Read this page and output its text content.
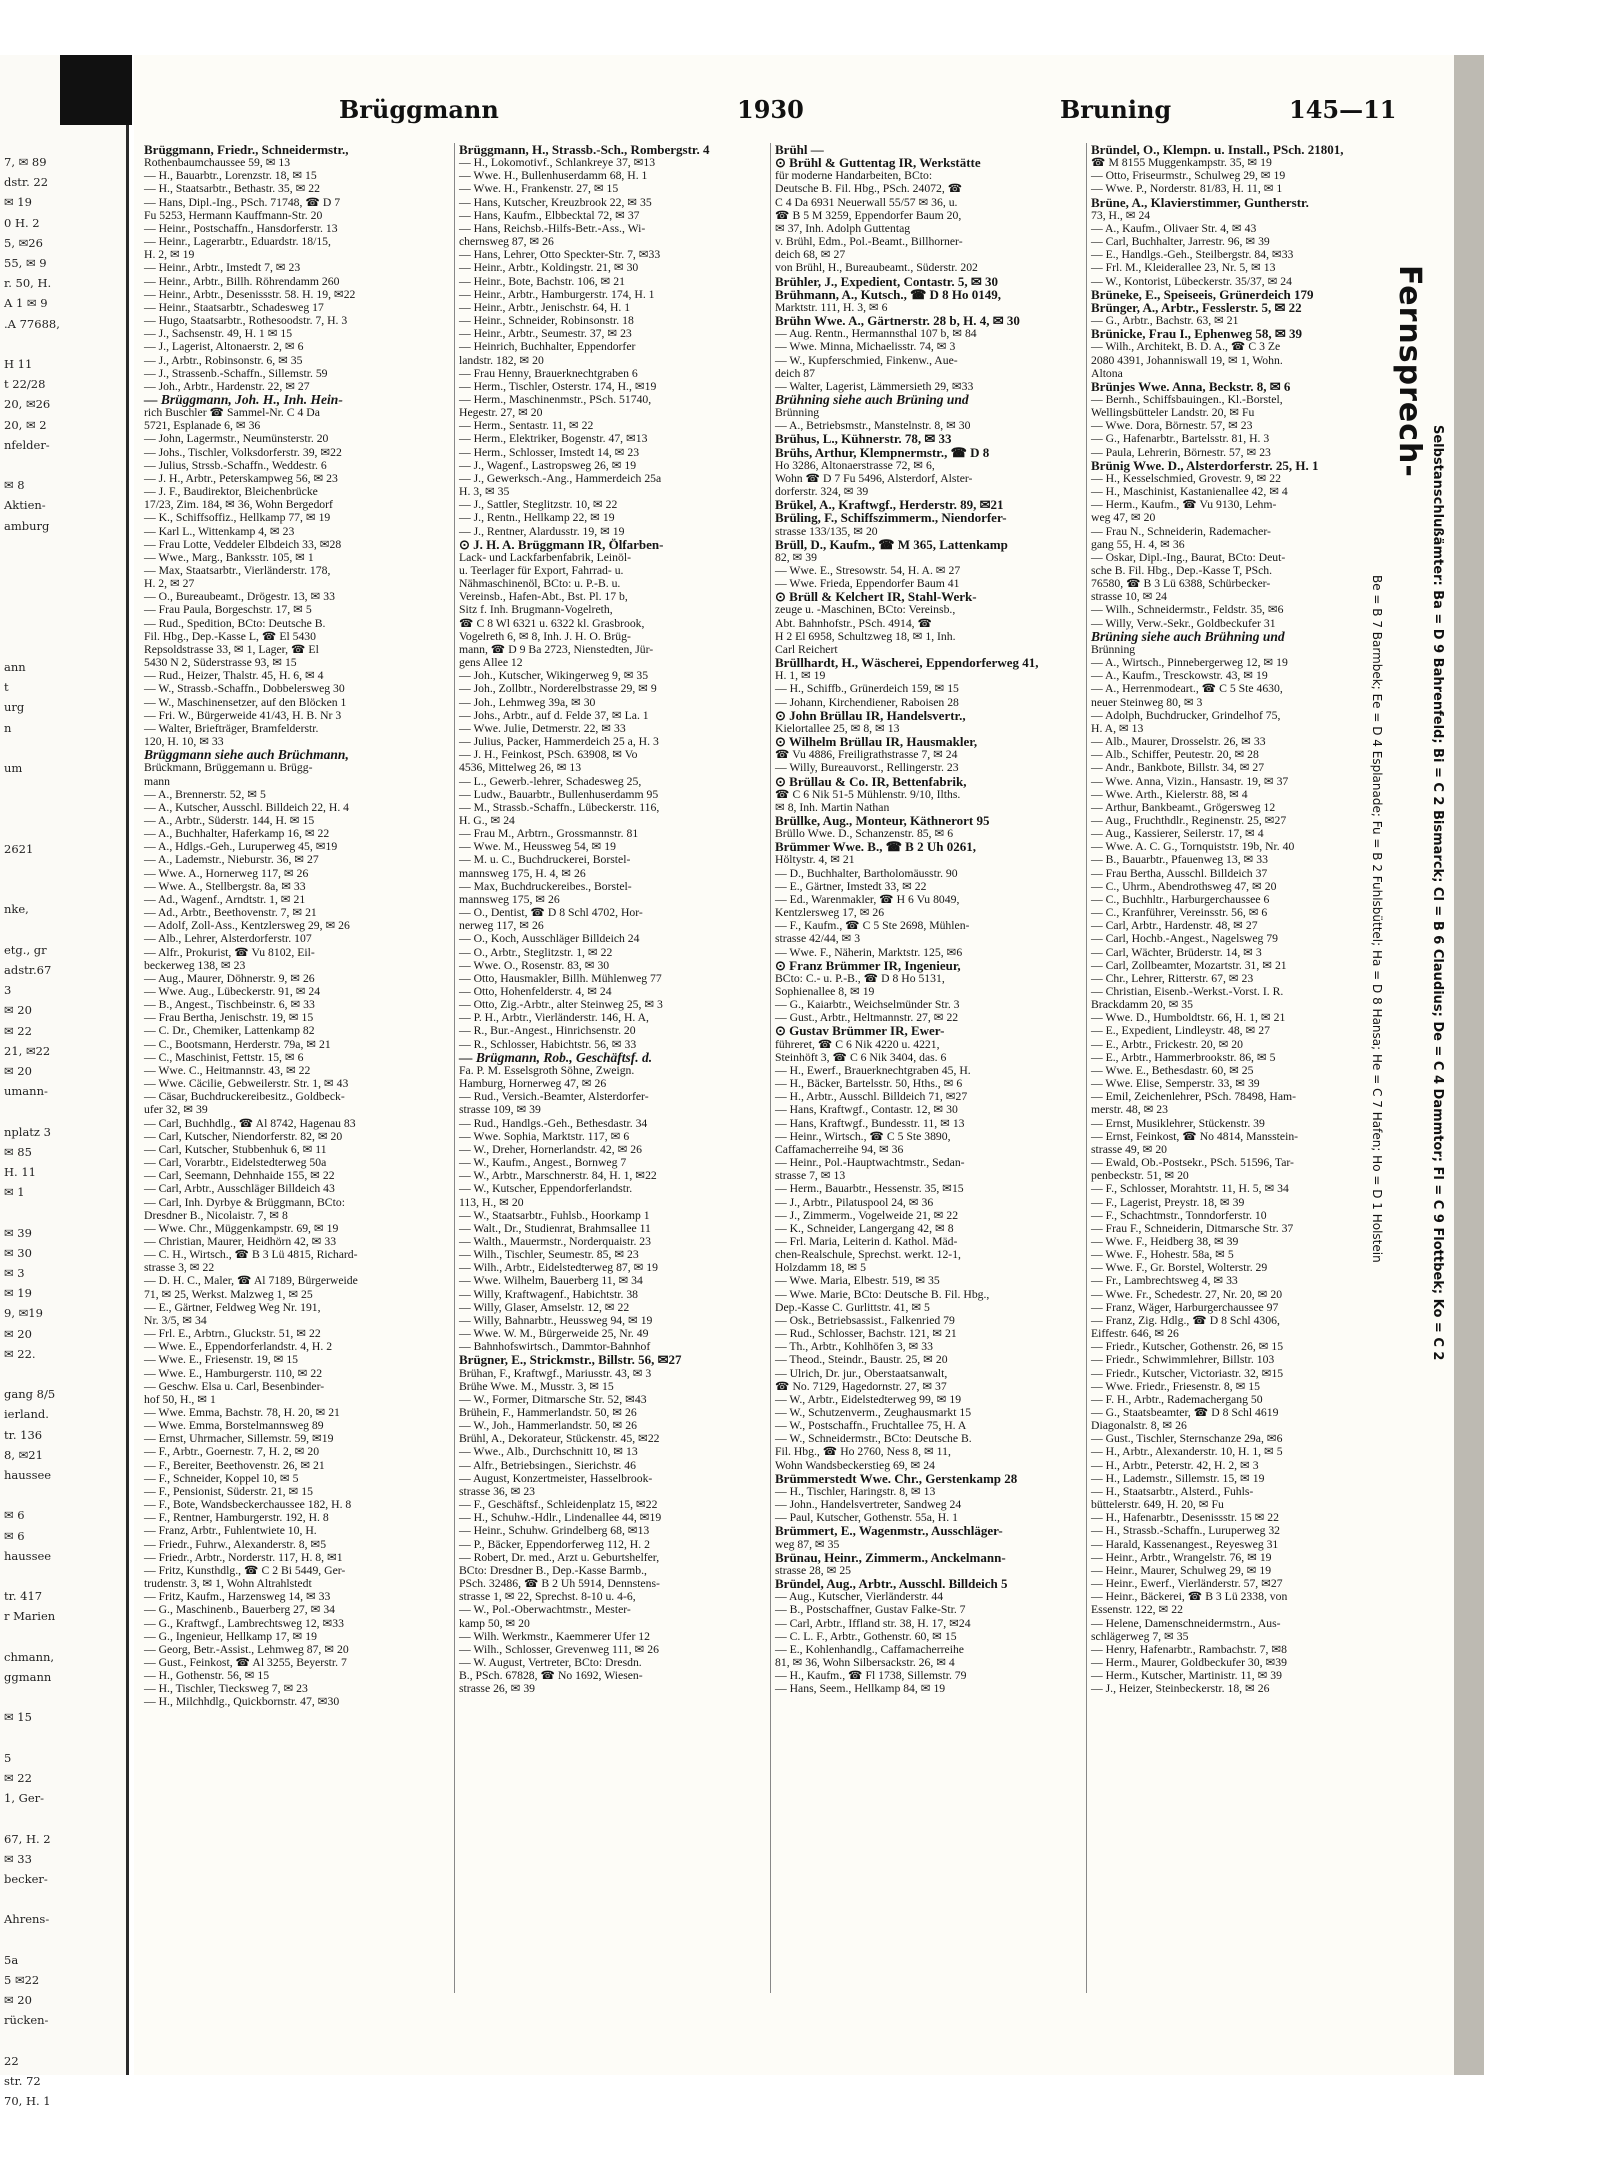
7, ✉ 89
dstr. 22
✉ 19
0 H. 2
5, ✉26
55, ✉ 9
r. 50, H.
A 1 ✉ 9
.A 77688,
H 11
t 22/28
20, ✉26
20, ✉ 2
nfelder-
✉ 8
Aktien-
amburg
ann
t
urg
n
um
2621
nke,
etg., gr
adstr.67
3
✉ 20
✉ 22
21, ✉22
✉ 20
umann-
nplatz 3
✉ 85
H. 11
✉ 1
✉ 39
✉ 30
✉ 3
✉ 19
9, ✉19
✉ 20
✉ 22.
gang 8/5
ierland.
tr. 136
8, ✉21
haussee
✉ 6
✉ 6
haussee
tr. 417
r Marien
chmann,
ggmann
✉ 15
5
✉ 22
1, Ger-
67, H. 2
✉ 33
becker-
Ahrens-
5a
5 ✉22
✉ 20
rücken-
22
str. 72
70, H. 1
Brüggmann	1930	Bruning	145—11
Brüggmann, Friedr., Schneidermstr.,
Rothenbaumchaussee 59, ✉ 13
— H., Bauarbtr., Lorenzstr. 18, ✉ 15
— H., Staatsarbtr., Bethastr. 35, ✉ 22
— Hans, Dipl.-Ing., PSch. 71748, ☎ D 7
Fu 5253, Hermann Kauffmann-Str. 20
— Heinr., Postschaffn., Hansdorferstr. 13
— Heinr., Lagerarbtr., Eduardstr. 18/15,
H. 2, ✉ 19
— Heinr., Arbtr., Imstedt 7, ✉ 23
— Heinr., Arbtr., Billh. Röhrendamm 260
— Heinr., Arbtr., Desenissstr. 58. H. 19, ✉22
— Heinr., Staatsarbtr., Schadesweg 17
— Hugo, Staatsarbtr., Rothesoodstr. 7, H. 3
— J., Sachsenstr. 49, H. 1 ✉ 15
— J., Lagerist, Altonaerstr. 2, ✉ 6
— J., Arbtr., Robinsonstr. 6, ✉ 35
— J., Strassenb.-Schaffn., Sillemstr. 59
— Joh., Arbtr., Hardenstr. 22, ✉ 27
— Brüggmann, Joh. H., Inh. Hein-
rich Buschler ☎ Sammel-Nr. C 4 Da
5721, Esplanade 6, ✉ 36
— John, Lagermstr., Neumünsterstr. 20
— Johs., Tischler, Volksdorferstr. 39, ✉22
— Julius, Strssb.-Schaffn., Weddestr. 6
— J. H., Arbtr., Peterskampweg 56, ✉ 23
— J. F., Baudirektor, Bleichenbrücke
17/23, Zim. 184, ✉ 36, Wohn Bergedorf
— K., Schiffsoffiz., Hellkamp 77, ✉ 19
— Karl L., Wittenkamp 4, ✉ 23
— Frau Lotte, Veddeler Elbdeich 33, ✉28
— Wwe., Marg., Banksstr. 105, ✉ 1
— Max, Staatsarbtr., Vierländerstr. 178,
H. 2, ✉ 27
— O., Bureaubeamt., Drögestr. 13, ✉ 33
— Frau Paula, Borgeschstr. 17, ✉ 5
— Rud., Spedition, BCto: Deutsche B.
Fil. Hbg., Dep.-Kasse L, ☎ El 5430
Repsoldstrasse 33, ✉ 1, Lager, ☎ El
5430 N 2, Süderstrasse 93, ✉ 15
— Rud., Heizer, Thalstr. 45, H. 6, ✉ 4
— W., Strassb.-Schaffn., Dobbelersweg 30
— W., Maschinensetzer, auf den Blöcken 1
— Fri. W., Bürgerweide 41/43, H. B. Nr 3
— Walter, Briefträger, Bramfelderstr.
120, H. 10, ✉ 33
Brüggmann siehe auch Brüchmann,
Brückmann, Brüggemann u. Brügg-
mann
— A., Brennerstr. 52, ✉ 5
— A., Kutscher, Ausschl. Billdeich 22, H. 4
— A., Arbtr., Süderstr. 144, H. ✉ 15
— A., Buchhalter, Haferkamp 16, ✉ 22
— A., Hdlgs.-Geh., Luruperweg 45, ✉19
— A., Lademstr., Nieburstr. 36, ✉ 27
— Wwe. A., Hornerweg 117, ✉ 26
— Wwe. A., Stellbergstr. 8a, ✉ 33
— Ad., Wagenf., Arndtstr. 1, ✉ 21
— Ad., Arbtr., Beethovenstr. 7, ✉ 21
— Adolf, Zoll-Ass., Kentzlersweg 29, ✉ 26
— Alb., Lehrer, Alsterdorferstr. 107
— Alfr., Prokurist, ☎ Vu 8102, Eil-
beckerweg 138, ✉ 23
— Aug., Maurer, Döhnerstr. 9, ✉ 26
— Wwe. Aug., Lübeckerstr. 91, ✉ 24
— B., Angest., Tischbeinstr. 6, ✉ 33
— Frau Bertha, Jenischstr. 19, ✉ 15
— C. Dr., Chemiker, Lattenkamp 82
— C., Bootsmann, Herderstr. 79a, ✉ 21
— C., Maschinist, Fettstr. 15, ✉ 6
— Wwe. C., Heitmannstr. 43, ✉ 22
— Wwe. Cäcilie, Gebweilerstr. Str. 1, ✉ 43
— Cäsar, Buchdruckereibesitz., Goldbeck-
ufer 32, ✉ 39
— Carl, Buchhdlg., ☎ Al 8742, Hagenau 83
— Carl, Kutscher, Niendorferstr. 82, ✉ 20
— Carl, Kutscher, Stubbenhuk 6, ✉ 11
— Carl, Vorarbtr., Eidelstedterweg 50a
— Carl, Seemann, Dehnhaide 155, ✉ 22
— Carl, Arbtr., Ausschläger Billdeich 43
— Carl, Inh. Dyrbye & Brüggmann, BCto:
Dresdner B., Nicolaistr. 7, ✉ 8
— Wwe. Chr., Müggenkampstr. 69, ✉ 19
— Christian, Maurer, Heidhörn 42, ✉ 33
— C. H., Wirtsch., ☎ B 3 Lü 4815, Richard-
strasse 3, ✉ 22
— D. H. C., Maler, ☎ Al 7189, Bürgerweide
71, ✉ 25, Werkst. Malzweg 1, ✉ 25
— E., Gärtner, Feldweg Weg Nr. 191,
Nr. 3/5, ✉ 34
— Frl. E., Arbtrn., Gluckstr. 51, ✉ 22
— Wwe. E., Eppendorferlandstr. 4, H. 2
— Wwe. E., Friesenstr. 19, ✉ 15
— Wwe. E., Hamburgerstr. 110, ✉ 22
— Geschw. Elsa u. Carl, Besenbinder-
hof 50, H., ✉ 1
— Wwe. Emma, Bachstr. 78, H. 20, ✉ 21
— Wwe. Emma, Borstelmannsweg 89
— Ernst, Uhrmacher, Sillemstr. 59, ✉19
— F., Arbtr., Goernestr. 7, H. 2, ✉ 20
— F., Bereiter, Beethovenstr. 26, ✉ 21
— F., Schneider, Koppel 10, ✉ 5
— F., Pensionist, Süderstr. 21, ✉ 15
— F., Bote, Wandsbeckerchaussee 182, H. 8
— F., Rentner, Hamburgerstr. 192, H. 8
— Franz, Arbtr., Fuhlentwiete 10, H.
— Friedr., Fuhrw., Alexanderstr. 8, ✉5
— Friedr., Arbtr., Norderstr. 117, H. 8, ✉1
— Fritz, Kunsthdlg., ☎ C 2 Bi 5449, Ger-
trudenstr. 3, ✉ 1, Wohn Altrahlstedt
— Fritz, Kaufm., Harzensweg 14, ✉ 33
— G., Maschinenb., Bauerberg 27, ✉ 34
— G., Kraftwgf., Lambrechtsweg 12, ✉33
— G., Ingenieur, Hellkamp 17, ✉ 19
— Georg, Betr.-Assist., Lehmweg 87, ✉ 20
— Gust., Feinkost, ☎ Al 3255, Beyerstr. 7
— H., Gothenstr. 56, ✉ 15
— H., Tischler, Tiecksweg 7, ✉ 23
— H., Milchhdlg., Quickbornstr. 47, ✉30
Brüggmann, H., Strassb.-Sch., Rombergstr. 4
— H., Lokomotivf., Schlankreye 37, ✉13
— Wwe. H., Bullenhuserdamm 68, H. 1
— Wwe. H., Frankenstr. 27, ✉ 15
— Hans, Kutscher, Kreuzbrook 22, ✉ 35
— Hans, Kaufm., Elbbecktal 72, ✉ 37
— Hans, Reichsb.-Hilfs-Betr.-Ass., Wi-
chernsweg 87, ✉ 26
— Hans, Lehrer, Otto Speckter-Str. 7, ✉33
— Heinr., Arbtr., Koldingstr. 21, ✉ 30
— Heinr., Bote, Bachstr. 106, ✉ 21
— Heinr., Arbtr., Hamburgerstr. 174, H. 1
— Heinr., Arbtr., Jenischstr. 64, H. 1
— Heinr., Schneider, Robinsonstr. 18
— Heinr., Arbtr., Seumestr. 37, ✉ 23
— Heinrich, Buchhalter, Eppendorfer
landstr. 182, ✉ 20
— Frau Henny, Brauerknechtgraben 6
— Herm., Tischler, Osterstr. 174, H., ✉19
— Herm., Maschinenmstr., PSch. 51740,
Hegestr. 27, ✉ 20
— Herm., Sentastr. 11, ✉ 22
— Herm., Elektriker, Bogenstr. 47, ✉13
— Herm., Schlosser, Imstedt 14, ✉ 23
— J., Wagenf., Lastropsweg 26, ✉ 19
— J., Gewerksch.-Ang., Hammerdeich 25a
H. 3, ✉ 35
— J., Sattler, Steglitzstr. 10, ✉ 22
— J., Rentn., Hellkamp 22, ✉ 19
— J., Rentner, Alardusstr. 19, ✉ 19
⊙ J. H. A. Brüggmann IR, Ölfarben-
Lack- und Lackfarbenfabrik, Leinöl-
u. Teerlager für Export, Fahrrad- u.
Nähmaschinenöl, BCto: u. P.-B. u.
Vereinsb., Hafen-Abt., Bst. Pl. 17 b,
Sitz f. Inh. Brugmann-Vogelreth,
☎ C 8 Wl 6321 u. 6322 kl. Grasbrook,
Vogelreth 6, ✉ 8, Inh. J. H. O. Brüg-
mann, ☎ D 9 Ba 2723, Nienstedten, Jür-
gens Allee 12
— Joh., Kutscher, Wikingerweg 9, ✉ 35
— Joh., Zollbtr., Norderelbstrasse 29, ✉ 9
— Joh., Lehmweg 39a, ✉ 30
— Johs., Arbtr., auf d. Felde 37, ✉ La. 1
— Wwe. Julie, Detmerstr. 22, ✉ 33
— Julius, Packer, Hammerdeich 25 a, H. 3
— J. H., Feinkost, PSch. 63908, ✉ Vo
4536, Mittelweg 26, ✉ 13
— L., Gewerb.-lehrer, Schadesweg 25,
— Ludw., Bauarbtr., Bullenhuserdamm 95
— M., Strassb.-Schaffn., Lübeckerstr. 116,
H. G., ✉ 24
— Frau M., Arbtrn., Grossmannstr. 81
— Wwe. M., Heussweg 54, ✉ 19
— M. u. C., Buchdruckerei, Borstel-
mannsweg 175, H. 4, ✉ 26
— Max, Buchdruckereibes., Borstel-
mannsweg 175, ✉ 26
— O., Dentist, ☎ D 8 Schl 4702, Hor-
nerweg 117, ✉ 26
— O., Koch, Ausschläger Billdeich 24
— O., Arbtr., Steglitzstr. 1, ✉ 22
— Wwe. O., Rosenstr. 83, ✉ 30
— Otto, Hausmakler, Billh. Mühlenweg 77
— Otto, Hohenfelderstr. 4, ✉ 24
— Otto, Zig.-Arbtr., alter Steinweg 25, ✉ 3
— P. H., Arbtr., Vierländerstr. 146, H. A,
— R., Bur.-Angest., Hinrichsenstr. 20
— R., Schlosser, Habichtstr. 56, ✉ 33
— Brügmann, Rob., Geschäftsf. d.
Fa. P. M. Esselsgroth Söhne, Zweign.
Hamburg, Hornerweg 47, ✉ 26
— Rud., Versich.-Beamter, Alsterdorfer-
strasse 109, ✉ 39
— Rud., Handlgs.-Geh., Bethesdastr. 34
— Wwe. Sophia, Marktstr. 117, ✉ 6
— W., Dreher, Hornerlandstr. 42, ✉ 26
— W., Kaufm., Angest., Bornweg 7
— W., Arbtr., Marschnerstr. 84, H. 1, ✉22
— W., Kutscher, Eppendorferlandstr.
113, H., ✉ 20
— W., Staatsarbtr., Fuhlsb., Hoorkamp 1
— Walt., Dr., Studienrat, Brahmsallee 11
— Walth., Mauermstr., Norderquaistr. 23
— Wilh., Tischler, Seumestr. 85, ✉ 23
— Wilh., Arbtr., Eidelstedterweg 87, ✉ 19
— Wwe. Wilhelm, Bauerberg 11, ✉ 34
— Willy, Kraftwagenf., Habichtstr. 38
— Willy, Glaser, Amselstr. 12, ✉ 22
— Willy, Bahnarbtr., Heussweg 94, ✉ 19
— Wwe. W. M., Bürgerweide 25, Nr. 49
— Bahnhofswirtsch., Dammtor-Bahnhof
Brügner, E., Strickmstr., Billstr. 56, ✉27
Brühan, F., Kraftwgf., Mariusstr. 43, ✉ 3
Brühe Wwe. M., Musstr. 3, ✉ 15
— W., Former, Ditmarsche Str. 52, ✉43
Brühein, F., Hammerlandstr. 50, ✉ 26
— W., Joh., Hammerlandstr. 50, ✉ 26
Brühl, A., Dekorateur, Stückenstr. 45, ✉22
— Wwe., Alb., Durchschnitt 10, ✉ 13
— Alfr., Betriebsingen., Sierichstr. 46
— August, Konzertmeister, Hasselbrook-
strasse 36, ✉ 23
— F., Geschäftsf., Schleidenplatz 15, ✉22
— H., Schuhw.-Hdlr., Lindenallee 44, ✉19
— Heinr., Schuhw. Grindelberg 68, ✉13
— P., Bäcker, Eppendorferweg 112, H. 2
— Robert, Dr. med., Arzt u. Geburtshelfer,
BCto: Dresdner B., Dep.-Kasse Barmb.,
PSch. 32486, ☎ B 2 Uh 5914, Dennstens-
strasse 1, ✉ 22, Sprechst. 8-10 u. 4-6,
— W., Pol.-Oberwachtmstr., Mester-
kamp 50, ✉ 20
— Wilh. Werkmstr., Kaemmerer Ufer 12
— Wilh., Schlosser, Grevenweg 111, ✉ 26
— W. August, Vertreter, BCto: Dresdn.
B., PSch. 67828, ☎ No 1692, Wiesen-
strasse 26, ✉ 39
Brühl —
⊙ Brühl & Guttentag IR, Werkstätte
für moderne Handarbeiten, BCto:
Deutsche B. Fil. Hbg., PSch. 24072, ☎
C 4 Da 6931 Neuerwall 55/57 ✉ 36, u.
☎ B 5 M 3259, Eppendorfer Baum 20,
✉ 37, Inh. Adolph Guttentag
v. Brühl, Edm., Pol.-Beamt., Billhorner-
deich 68, ✉ 27
von Brühl, H., Bureaubeamt., Süderstr. 202
Brühler, J., Expedient, Contastr. 5, ✉ 30
Brühmann, A., Kutsch., ☎ D 8 Ho 0149,
Marktstr. 111, H. 3, ✉ 6
Brühn Wwe. A., Gärtnerstr. 28 b, H. 4, ✉ 30
— Aug. Rentn., Hermannsthal 107 b, ✉ 84
— Wwe. Minna, Michaelisstr. 74, ✉ 3
— W., Kupferschmied, Finkenw., Aue-
deich 87
— Walter, Lagerist, Lämmersieth 29, ✉33
Brühning siehe auch Brüning und
Brünning
— A., Betriebsmstr., Manstelnstr. 8, ✉ 30
Brühus, L., Kühnerstr. 78, ✉ 33
Brühs, Arthur, Klempnermstr., ☎ D 8
Ho 3286, Altonaerstrasse 72, ✉ 6,
Wohn ☎ D 7 Fu 5496, Alsterdorf, Alster-
dorferstr. 324, ✉ 39
Brükel, A., Kraftwgf., Herderstr. 89, ✉21
Brüling, F., Schiffszimmerm., Niendorfer-
strasse 133/135, ✉ 20
Brüll, D., Kaufm., ☎ M 365, Lattenkamp
82, ✉ 39
— Wwe. E., Stresowstr. 54, H. A. ✉ 27
— Wwe. Frieda, Eppendorfer Baum 41
⊙ Brüll & Kelchert IR, Stahl-Werk-
zeuge u. -Maschinen, BCto: Vereinsb.,
Abt. Bahnhofstr., PSch. 4914, ☎
H 2 El 6958, Schultzweg 18, ✉ 1, Inh.
Carl Reichert
Brüllhardt, H., Wäscherei, Eppendorferweg 41,
H. 1, ✉ 19
— H., Schiffb., Grünerdeich 159, ✉ 15
— Johann, Kirchendiener, Raboisen 28
⊙ John Brüllau IR, Handelsvertr.,
Kielortallee 25, ✉ 8, ✉ 13
⊙ Wilhelm Brüllau IR, Hausmakler,
☎ Vu 4886, Freiligrathstrasse 7, ✉ 24
— Willy, Bureauvorst., Rellingerstr. 23
⊙ Brüllau & Co. IR, Bettenfabrik,
☎ C 6 Nik 51-5 Mühlenstr. 9/10, Ilths.
✉ 8, Inh. Martin Nathan
Brüllke, Aug., Monteur, Käthnerort 95
Brüllo Wwe. D., Schanzenstr. 85, ✉ 6
Brümmer Wwe. B., ☎ B 2 Uh 0261,
Höltystr. 4, ✉ 21
— D., Buchhalter, Bartholomäusstr. 90
— E., Gärtner, Imstedt 33, ✉ 22
— Ed., Warenmakler, ☎ H 6 Vu 8049,
Kentzlersweg 17, ✉ 26
— F., Kaufm., ☎ C 5 Ste 2698, Mühlen-
strasse 42/44, ✉ 3
— Wwe. F., Näherin, Marktstr. 125, ✉6
⊙ Franz Brümmer IR, Ingenieur,
BCto: C.- u. P.-B., ☎ D 8 Ho 5131,
Sophienallee 8, ✉ 19
— G., Kaiarbtr., Weichselmünder Str. 3
— Gust., Arbtr., Heltmannstr. 27, ✉ 22
⊙ Gustav Brümmer IR, Ewer-
führeret, ☎ C 6 Nik 4220 u. 4221,
Steinhöft 3, ☎ C 6 Nik 3404, das. 6
— H., Ewerf., Brauerknechtgraben 45, H.
— H., Bäcker, Bartelsstr. 50, Hths., ✉ 6
— H., Arbtr., Ausschl. Billdeich 71, ✉27
— Hans, Kraftwgf., Contastr. 12, ✉ 30
— Hans, Kraftwgf., Bundesstr. 11, ✉ 13
— Heinr., Wirtsch., ☎ C 5 Ste 3890,
Caffamacherreihe 94, ✉ 36
— Heinr., Pol.-Hauptwachtmstr., Sedan-
strasse 7, ✉ 13
— Herm., Bauarbtr., Hessenstr. 35, ✉15
— J., Arbtr., Pilatuspool 24, ✉ 36
— J., Zimmerm., Vogelweide 21, ✉ 22
— K., Schneider, Langergang 42, ✉ 8
— Frl. Maria, Leiterin d. Kathol. Mäd-
chen-Realschule, Sprechst. werkt. 12-1,
Holzdamm 18, ✉ 5
— Wwe. Maria, Elbestr. 519, ✉ 35
— Wwe. Marie, BCto: Deutsche B. Fil. Hbg.,
Dep.-Kasse C. Gurlittstr. 41, ✉ 5
— Osk., Betriebsassist., Falkenried 79
— Rud., Schlosser, Bachstr. 121, ✉ 21
— Th., Arbtr., Kohlhöfen 3, ✉ 33
— Theod., Steindr., Baustr. 25, ✉ 20
— Ulrich, Dr. jur., Oberstaatsanwalt,
☎ No. 7129, Hagedornstr. 27, ✉ 37
— W., Arbtr., Eidelstedterweg 99, ✉ 19
— W., Schutzenverm., Zeughausmarkt 15
— W., Postschaffn., Fruchtallee 75, H. A
— W., Schneidermstr., BCto: Deutsche B.
Fil. Hbg., ☎ Ho 2760, Ness 8, ✉ 11,
Wohn Wandsbeckerstieg 69, ✉ 24
Brümmerstedt Wwe. Chr., Gerstenkamp 28
— H., Tischler, Haringstr. 8, ✉ 13
— John., Handelsvertreter, Sandweg 24
— Paul, Kutscher, Gothenstr. 55a, H. 1
Brümmert, E., Wagenmstr., Ausschläger-
weg 87, ✉ 35
Brünau, Heinr., Zimmerm., Anckelmann-
strasse 28, ✉ 25
Bründel, Aug., Arbtr., Ausschl. Billdeich 5
— Aug., Kutscher, Vierländerstr. 44
— B., Postschaffner, Gustav Falke-Str. 7
— Carl, Arbtr., Iffland str. 38, H. 17, ✉24
— C. L. F., Arbtr., Gothenstr. 60, ✉ 15
— E., Kohlenhandlg., Caffamacherreihe
81, ✉ 36, Wohn Silbersackstr. 26, ✉ 4
— H., Kaufm., ☎ Fl 1738, Sillemstr. 79
— Hans, Seem., Hellkamp 84, ✉ 19
Bründel, O., Klempn. u. Install., PSch. 21801,
☎ M 8155 Muggenkampstr. 35, ✉ 19
— Otto, Friseurmstr., Schulweg 29, ✉ 19
— Wwe. P., Norderstr. 81/83, H. 11, ✉ 1
Brüne, A., Klavierstimmer, Guntherstr.
73, H., ✉ 24
— A., Kaufm., Olivaer Str. 4, ✉ 43
— Carl, Buchhalter, Jarrestr. 96, ✉ 39
— E., Handlgs.-Geh., Steilbergstr. 84, ✉33
— Frl. M., Kleiderallee 23, Nr. 5, ✉ 13
— W., Kontorist, Lübeckerstr. 35/37, ✉ 24
Brüneke, E., Speiseeis, Grünerdeich 179
Brünger, A., Arbtr., Fesslerstr. 5, ✉ 22
— G., Arbtr., Bachstr. 63, ✉ 21
Brünicke, Frau I., Ephenweg 58, ✉ 39
— Wilh., Architekt, B. D. A., ☎ C 3 Ze
2080 4391, Johanniswall 19, ✉ 1, Wohn.
Altona
Brünjes Wwe. Anna, Beckstr. 8, ✉ 6
— Bernh., Schiffsbauingen., Kl.-Borstel,
Wellingsbütteler Landstr. 20, ✉ Fu
— Wwe. Dora, Börnestr. 57, ✉ 23
— G., Hafenarbtr., Bartelsstr. 81, H. 3
— Paula, Lehrerin, Börnestr. 57, ✉ 23
Brünig Wwe. D., Alsterdorferstr. 25, H. 1
— H., Kesselschmied, Grovestr. 9, ✉ 22
— H., Maschinist, Kastanienallee 42, ✉ 4
— Herm., Kaufm., ☎ Vu 9130, Lehm-
weg 47, ✉ 20
— Frau N., Schneiderin, Rademacher-
gang 55, H. 4, ✉ 36
— Oskar, Dipl.-Ing., Baurat, BCto: Deut-
sche B. Fil. Hbg., Dep.-Kasse T, PSch.
76580, ☎ B 3 Lü 6388, Schürbecker-
strasse 10, ✉ 24
— Wilh., Schneidermstr., Feldstr. 35, ✉6
— Willy, Verw.-Sekr., Goldbeckufer 31
Brüning siehe auch Brühning und
Brünning
— A., Wirtsch., Pinnebergerweg 12, ✉ 19
— A., Kaufm., Tresckowstr. 43, ✉ 19
— A., Herrenmodeart., ☎ C 5 Ste 4630,
neuer Steinweg 80, ✉ 3
— Adolph, Buchdrucker, Grindelhof 75,
H. A, ✉ 13
— Alb., Maurer, Drosselstr. 26, ✉ 33
— Alb., Schiffer, Peutestr. 20, ✉ 28
— Andr., Bankbote, Billstr. 34, ✉ 27
— Wwe. Anna, Vizin., Hansastr. 19, ✉ 37
— Wwe. Arth., Kielerstr. 88, ✉ 4
— Arthur, Bankbeamt., Grögersweg 12
— Aug., Fruchthdlr., Reginenstr. 25, ✉27
— Aug., Kassierer, Seilerstr. 17, ✉ 4
— Wwe. A. C. G., Tornquiststr. 19b, Nr. 40
— B., Bauarbtr., Pfauenweg 13, ✉ 33
— Frau Bertha, Ausschl. Billdeich 37
— C., Uhrm., Abendrothsweg 47, ✉ 20
— C., Buchhltr., Harburgerchaussee 6
— C., Kranführer, Vereinsstr. 56, ✉ 6
— Carl, Arbtr., Hardenstr. 48, ✉ 27
— Carl, Hochb.-Angest., Nagelsweg 79
— Carl, Wächter, Brüderstr. 14, ✉ 3
— Carl, Zollbeamter, Mozartstr. 31, ✉ 21
— Chr., Lehrer, Ritterstr. 67, ✉ 23
— Christian, Eisenb.-Werkst.-Vorst. I. R.
Brackdamm 20, ✉ 35
— Wwe. D., Humboldtstr. 66, H. 1, ✉ 21
— E., Expedient, Lindleystr. 48, ✉ 27
— E., Arbtr., Frickestr. 20, ✉ 20
— E., Arbtr., Hammerbrookstr. 86, ✉ 5
— Wwe. E., Bethesdastr. 60, ✉ 25
— Wwe. Elise, Semperstr. 33, ✉ 39
— Emil, Zeichenlehrer, PSch. 78498, Ham-
merstr. 48, ✉ 23
— Ernst, Musiklehrer, Stückenstr. 39
— Ernst, Feinkost, ☎ No 4814, Mansstein-
strasse 49, ✉ 20
— Ewald, Ob.-Postsekr., PSch. 51596, Tar-
penbeckstr. 51, ✉ 20
— F., Schlosser, Morahtstr. 11, H. 5, ✉ 34
— F., Lagerist, Preystr. 18, ✉ 39
— F., Schachtmstr., Tonndorferstr. 10
— Frau F., Schneiderin, Ditmarsche Str. 37
— Wwe. F., Heidberg 38, ✉ 39
— Wwe. F., Hohestr. 58a, ✉ 5
— Wwe. F., Gr. Borstel, Wolterstr. 29
— Fr., Lambrechtsweg 4, ✉ 33
— Wwe. Fr., Schedestr. 27, Nr. 20, ✉ 20
— Franz, Wäger, Harburgerchaussee 97
— Franz, Zig. Hdlg., ☎ D 8 Schl 4306,
Eiffestr. 646, ✉ 26
— Friedr., Kutscher, Gothenstr. 26, ✉ 15
— Friedr., Schwimmlehrer, Billstr. 103
— Friedr., Kutscher, Victoriastr. 32, ✉15
— Wwe. Friedr., Friesenstr. 8, ✉ 15
— F. H., Arbtr., Rademachergang 50
— G., Staatsbeamter, ☎ D 8 Schl 4619
Diagonalstr. 8, ✉ 26
— Gust., Tischler, Sternschanze 29a, ✉6
— H., Arbtr., Alexanderstr. 10, H. 1, ✉ 5
— H., Arbtr., Peterstr. 42, H. 2, ✉ 3
— H., Lademstr., Sillemstr. 15, ✉ 19
— H., Staatsarbtr., Alsterd., Fuhls-
büttelerstr. 649, H. 20, ✉ Fu
— H., Hafenarbtr., Desenissstr. 15 ✉ 22
— H., Strassb.-Schaffn., Luruperweg 32
— Harald, Kassenangest., Reyesweg 31
— Heinr., Arbtr., Wrangelstr. 76, ✉ 19
— Heinr., Maurer, Schulweg 29, ✉ 19
— Heinr., Ewerf., Vierländerstr. 57, ✉27
— Heinr., Bäckerei, ☎ B 3 Lü 2338, von
Essenstr. 122, ✉ 22
— Helene, Damenschneidermstrn., Aus-
schlägerweg 7, ✉ 35
— Henry, Hafenarbtr., Rambachstr. 7, ✉8
— Herm., Maurer, Goldbeckufer 30, ✉39
— Herm., Kutscher, Martinistr. 11, ✉ 39
— J., Heizer, Steinbeckerstr. 18, ✉ 26
Fernsprech-
Be = B 7 Barmbek; Ee = D 4 Esplanade; Fu = B 2 Fuhlsbüttel; Ha = D 8 Hansa; He = C 7 Hafen; Ho = D 1 Holstein	Selbstanschlußämter: Ba = D 9 Bahrenfeld; Bi = C 2 Bismarck; Cl = B 6 Claudius; De = C 4 Dammtor; Fl = C 9 Flottbek; Ko = C 2
